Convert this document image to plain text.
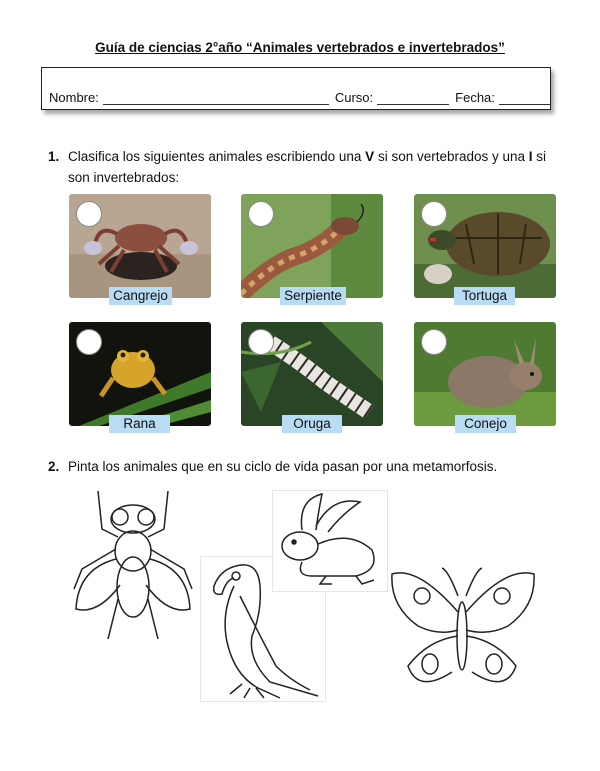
Guía de ciencias 2°año “Animales vertebrados e invertebrados”
Nombre:	Curso:	Fecha:
1. Clasifica los siguientes animales escribiendo una V si son vertebrados y una I si son invertebrados:
Cangrejo	Serpiente	Tortuga
Rana	Oruga	Conejo
2. Pinta los animales que en su ciclo de vida pasan por una metamorfosis.
